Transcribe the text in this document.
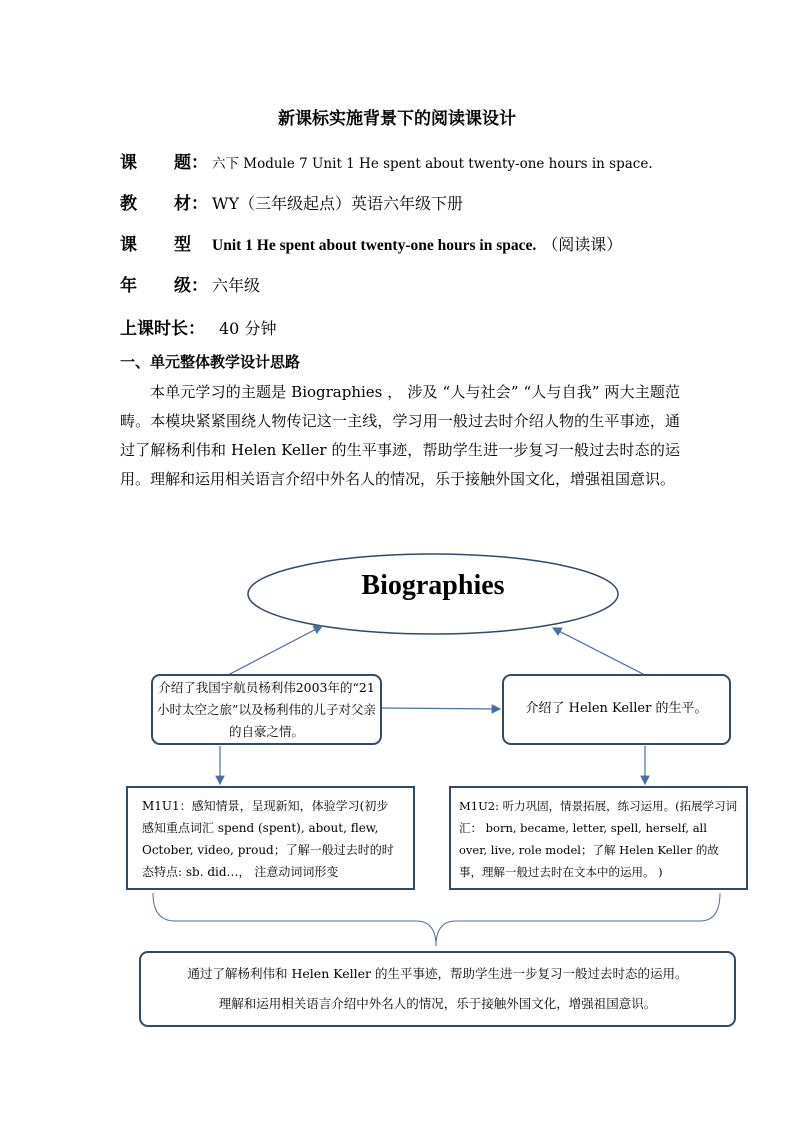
新课标实施背景下的阅读课设计
课 题： 六下 Module 7 Unit 1 He spent about twenty-one hours in space.
教 材： WY（三年级起点）英语六年级下册
课 型 Unit 1 He spent about twenty-one hours in space. （阅读课）
年 级： 六年级
上课时长： 40 分钟
一、单元整体教学设计思路
本单元学习的主题是 Biographies ， 涉及 “人与社会” “人与自我” 两大主题范畴。本模块紧紧围绕人物传记这一主线，学习用一般过去时介绍人物的生平事迹，通过了解杨利伟和 Helen Keller 的生平事迹，帮助学生进一步复习一般过去时态的运用。理解和运用相关语言介绍中外名人的情况，乐于接触外国文化，增强祖国意识。
Biographies
介绍了我国宇航员杨利伟2003年的“21 小时太空之旅”以及杨利伟的儿子对父亲的自豪之情。
介绍了 Helen Keller 的生平。
M1U1：感知情景，呈现新知，体验学习(初步感知重点词汇 spend (spent), about, flew, October, video, proud；了解一般过去时的时态特点: sb. did…， 注意动词词形变
M1U2: 听力巩固，情景拓展，练习运用。(拓展学习词汇： born, became, letter, spell, herself, all over, live, role model；了解 Helen Keller 的故事，理解一般过去时在文本中的运用。 )
通过了解杨利伟和 Helen Keller 的生平事迹，帮助学生进一步复习一般过去时态的运用。
理解和运用相关语言介绍中外名人的情况，乐于接触外国文化，增强祖国意识。
